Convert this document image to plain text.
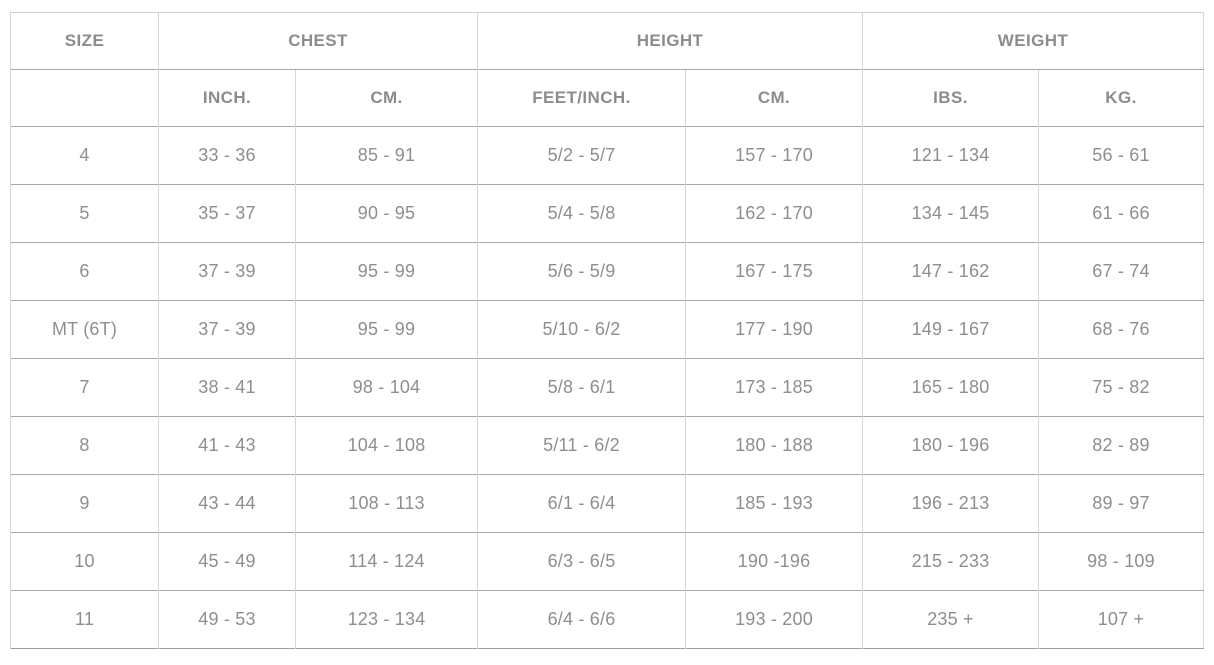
SIZE	CHEST		HEIGHT		WEIGHT	
	INCH.	CM.	FEET/INCH.	CM.	IBS.	KG.
4	33 - 36	85 - 91	5/2 - 5/7	157 - 170	121 - 134	56 - 61
5	35 - 37	90 - 95	5/4 - 5/8	162 - 170	134 - 145	61 - 66
6	37 - 39	95 - 99	5/6 - 5/9	167 - 175	147 - 162	67 - 74
MT (6T)	37 - 39	95 - 99	5/10 - 6/2	177 - 190	149 - 167	68 - 76
7	38 - 41	98 - 104	5/8 - 6/1	173 - 185	165 - 180	75 - 82
8	41 - 43	104 - 108	5/11 - 6/2	180 - 188	180 - 196	82 - 89
9	43 - 44	108 - 113	6/1 - 6/4	185 - 193	196 - 213	89 - 97
10	45 - 49	114 - 124	6/3 - 6/5	190 -196	215 - 233	98 - 109
11	49 - 53	123 - 134	6/4 - 6/6	193 - 200	235 +	107 +
